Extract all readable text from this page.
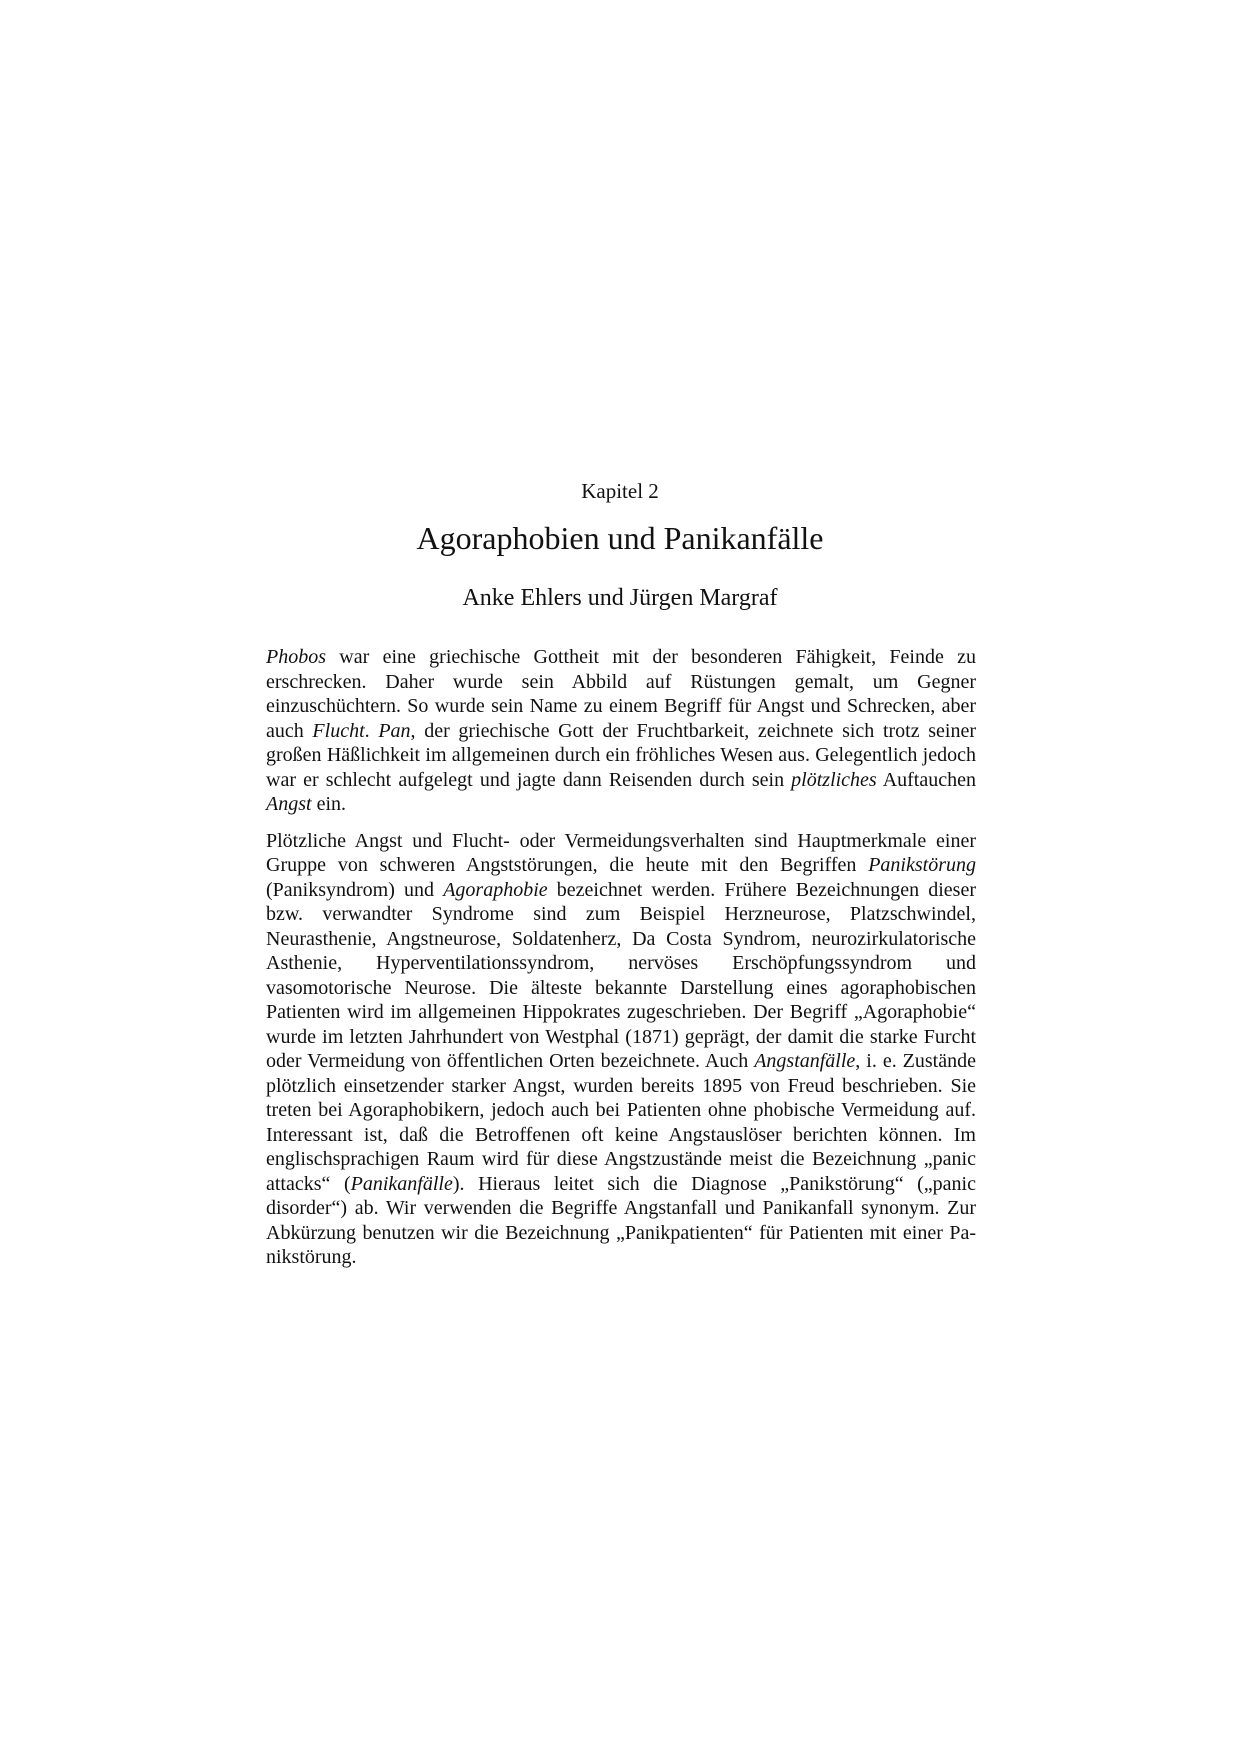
Kapitel 2
Agoraphobien und Panikanfälle
Anke Ehlers und Jürgen Margraf

Phobos war eine griechische Gottheit mit der besonderen Fähigkeit, Feinde zu erschrecken. Daher wurde sein Abbild auf Rüstungen gemalt, um Gegner einzuschüchtern. So wurde sein Name zu einem Begriff für Angst und Schrecken, aber auch Flucht. Pan, der griechische Gott der Fruchtbarkeit, zeichnete sich trotz seiner großen Häßlichkeit im allgemeinen durch ein fröhliches Wesen aus. Gelegentlich jedoch war er schlecht aufgelegt und jagte dann Reisenden durch sein plötzliches Auftauchen Angst ein.

Plötzliche Angst und Flucht- oder Vermeidungsverhalten sind Hauptmerkmale einer Gruppe von schweren Angststörungen, die heute mit den Begriffen Panikstörung (Paniksyndrom) und Agoraphobie bezeichnet werden. Frühere Bezeichnungen dieser bzw. verwandter Syndrome sind zum Beispiel Herzneurose, Platzschwindel, Neurasthenie, Angstneurose, Soldatenherz, Da Costa Syndrom, neurozirkulatorische Asthenie, Hyperventilationssyndrom, nervöses Erschöpfungssyndrom und vasomotorische Neurose. Die älteste bekannte Darstellung eines agoraphobischen Patienten wird im allgemeinen Hippokrates zugeschrieben. Der Begriff „Agoraphobie“ wurde im letzten Jahrhundert von Westphal (1871) geprägt, der damit die starke Furcht oder Vermeidung von öffentlichen Orten bezeichnete. Auch Angstanfälle, i. e. Zustände plötzlich einsetzender starker Angst, wurden bereits 1895 von Freud beschrieben. Sie treten bei Agoraphobikern, jedoch auch bei Patienten ohne phobische Vermeidung auf. Interessant ist, daß die Betroffenen oft keine Angstauslöser berichten können. Im englischsprachigen Raum wird für diese Angstzustände meist die Bezeichnung „panic attacks“ (Panikanfälle). Hieraus leitet sich die Diagnose „Panikstörung“ („panic disorder“) ab. Wir verwenden die Begriffe Angstanfall und Panikanfall synonym. Zur Abkürzung benutzen wir die Bezeichnung „Panikpatienten“ für Patienten mit einer Panikstörung.
